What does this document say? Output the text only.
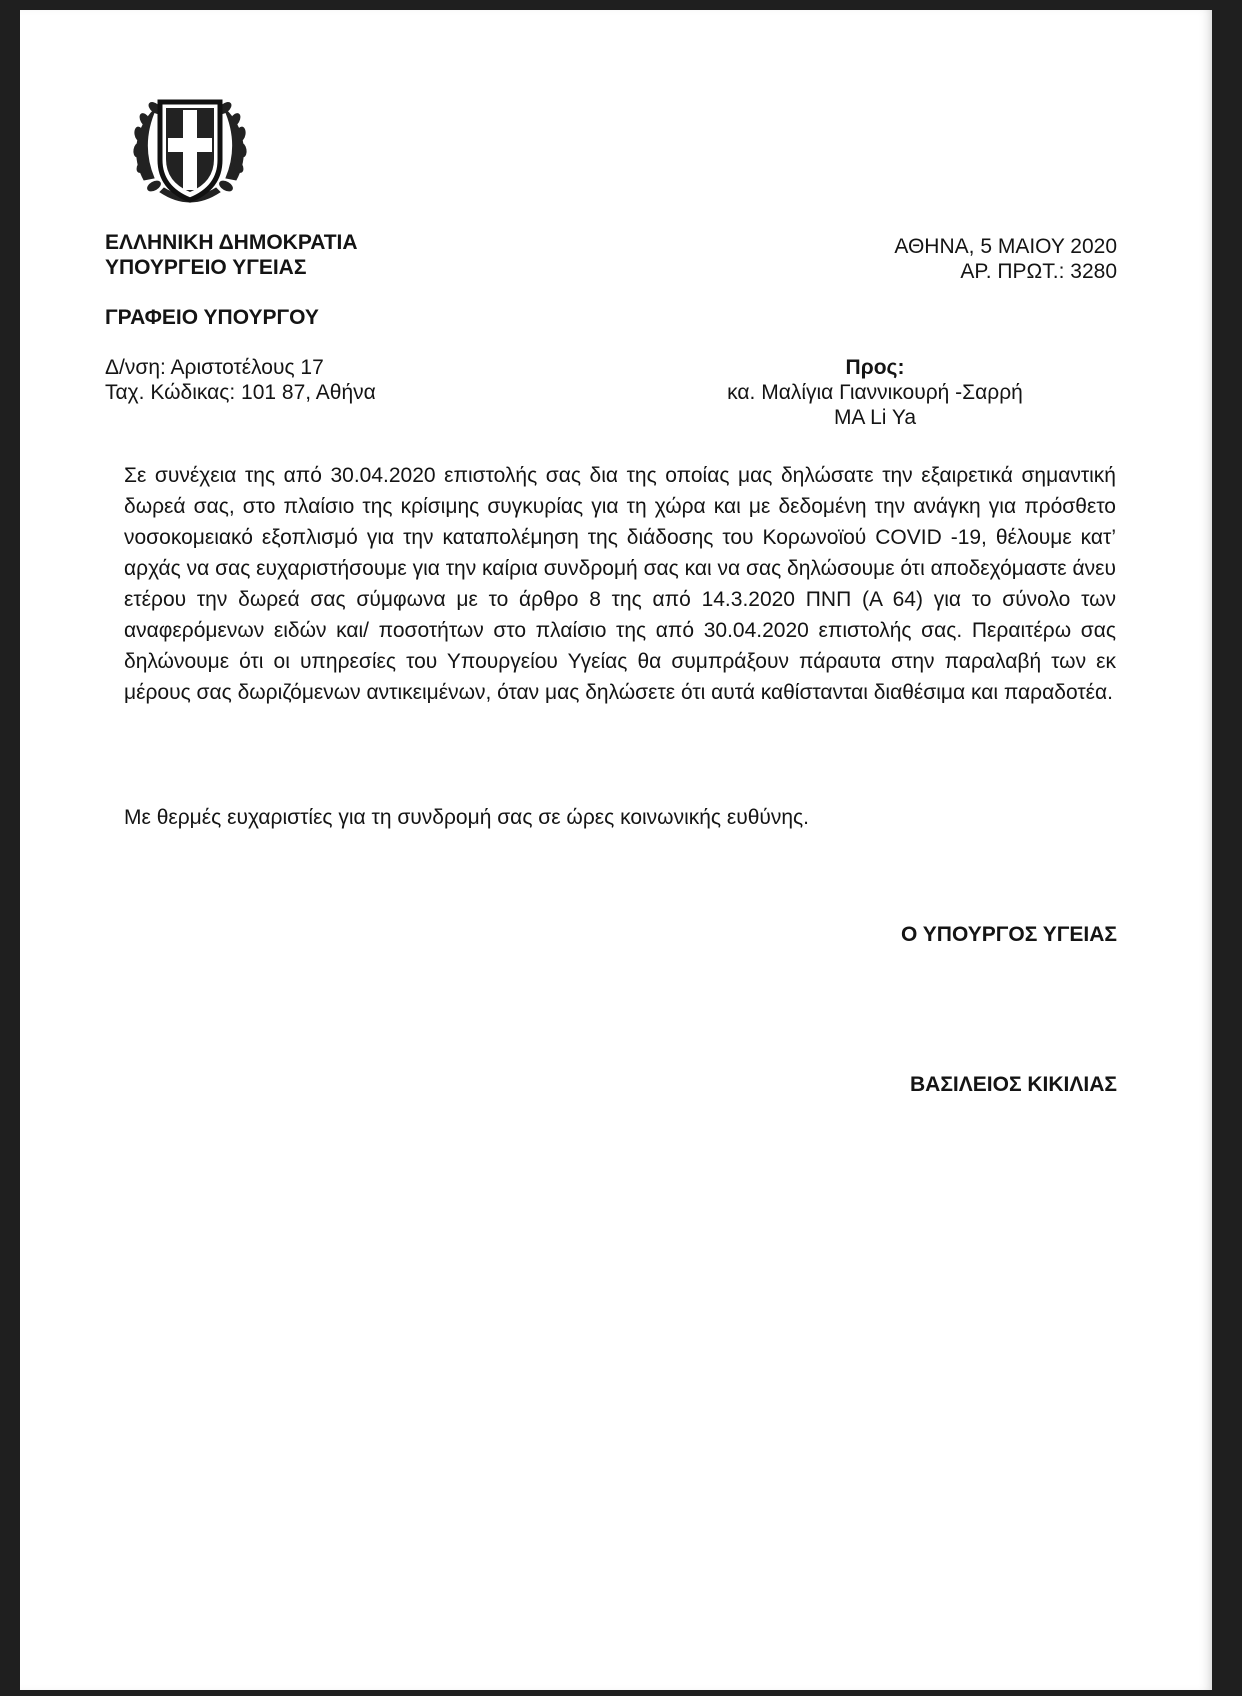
ΕΛΛΗΝΙΚΗ ΔΗΜΟΚΡΑΤΙΑ
ΥΠΟΥΡΓΕΙΟ ΥΓΕΙΑΣ
ΑΘΗΝΑ, 5 ΜΑΙΟΥ 2020
ΑΡ. ΠΡΩΤ.: 3280
ΓΡΑΦΕΙΟ ΥΠΟΥΡΓΟΥ
Δ/νση: Αριστοτέλους 17
Ταχ. Κώδικας: 101 87, Αθήνα
Προς:
κα. Μαλίγια Γιαννικουρή -Σαρρή
MA Li Ya

Σε συνέχεια της από 30.04.2020 επιστολής σας δια της οποίας μας δηλώσατε την εξαιρετικά σημαντική δωρεά σας, στο πλαίσιο της κρίσιμης συγκυρίας για τη χώρα και με δεδομένη την ανάγκη για πρόσθετο νοσοκομειακό εξοπλισμό για την καταπολέμηση της διάδοσης του Κορωνοϊού COVID -19, θέλουμε κατ’ αρχάς να σας ευχαριστήσουμε για την καίρια συνδρομή σας και να σας δηλώσουμε ότι αποδεχόμαστε άνευ ετέρου την δωρεά σας σύμφωνα με το άρθρο 8 της από 14.3.2020 ΠΝΠ (Α 64) για το σύνολο των αναφερόμενων ειδών και/ ποσοτήτων στο πλαίσιο της από 30.04.2020 επιστολής σας. Περαιτέρω σας δηλώνουμε ότι οι υπηρεσίες του Υπουργείου Υγείας θα συμπράξουν πάραυτα στην παραλαβή των εκ μέρους σας δωριζόμενων αντικειμένων, όταν μας δηλώσετε ότι αυτά καθίστανται διαθέσιμα και παραδοτέα.

Με θερμές ευχαριστίες για τη συνδρομή σας σε ώρες κοινωνικής ευθύνης.
Ο ΥΠΟΥΡΓΟΣ ΥΓΕΙΑΣ
ΒΑΣΙΛΕΙΟΣ ΚΙΚΙΛΙΑΣ
